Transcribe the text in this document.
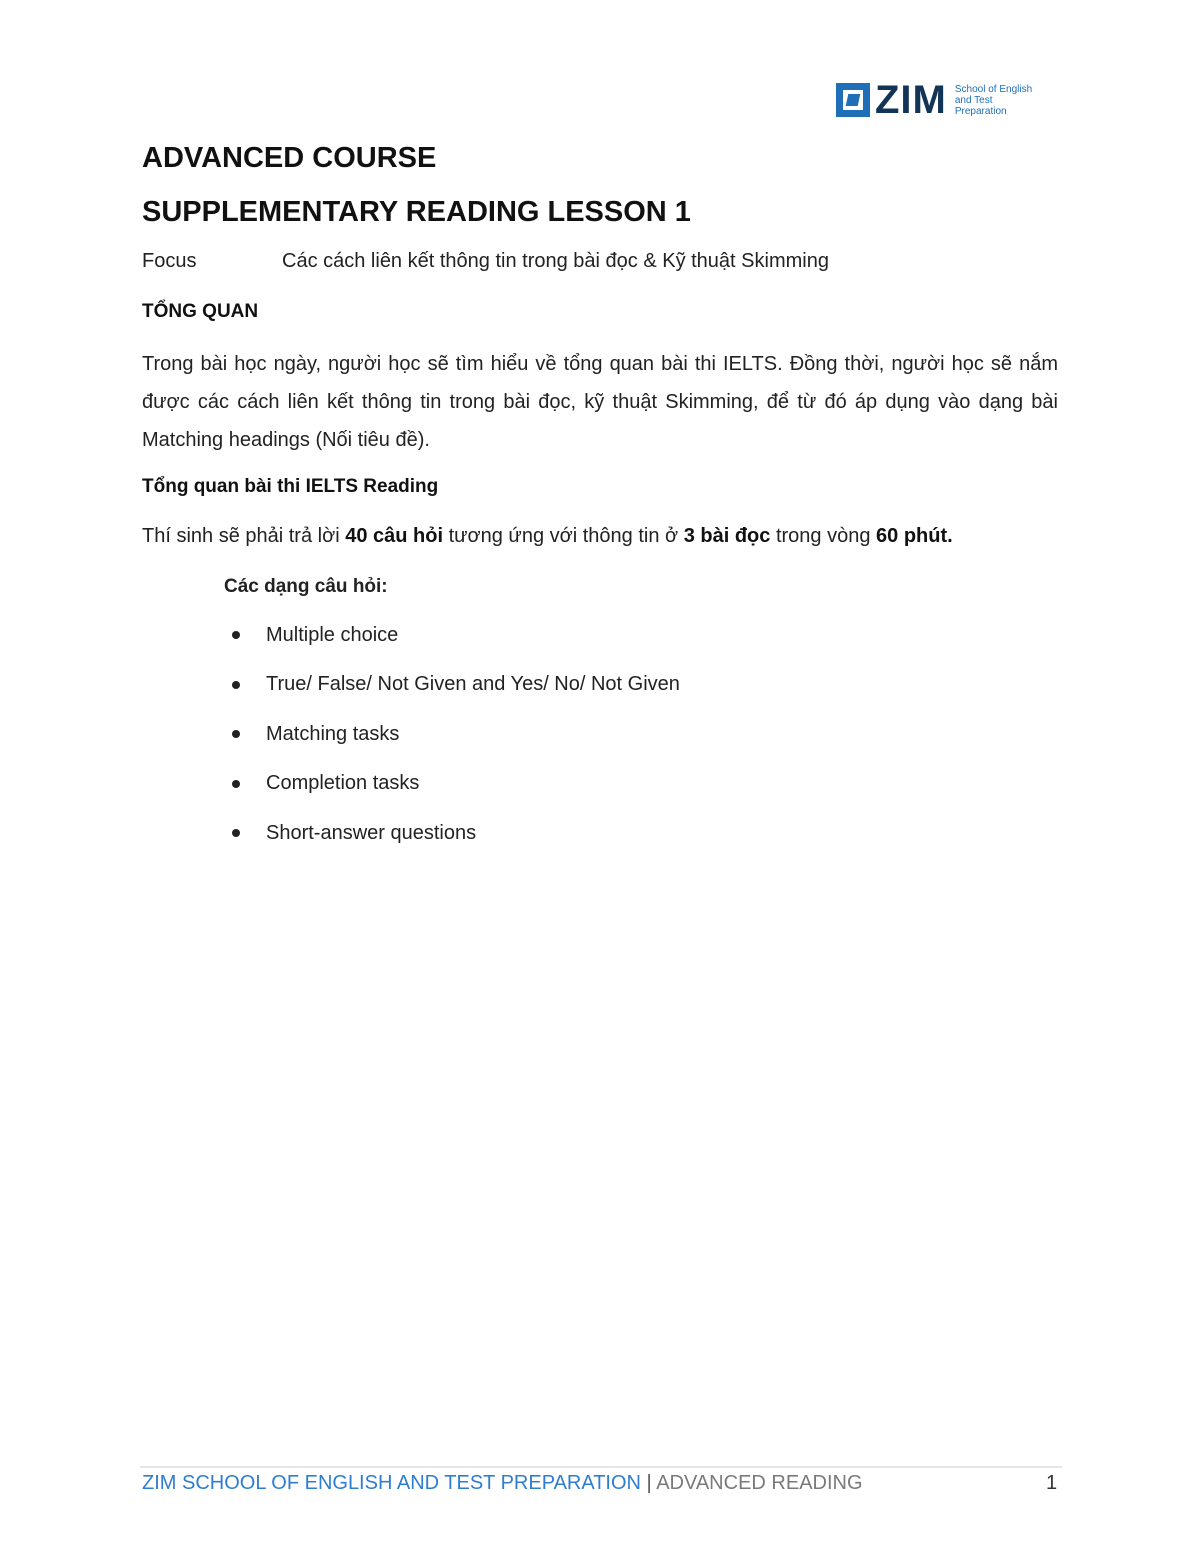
ZIM School of English and Test Preparation
ADVANCED COURSE
SUPPLEMENTARY READING LESSON 1
Focus	Các cách liên kết thông tin trong bài đọc & Kỹ thuật Skimming
TỔNG QUAN
Trong bài học ngày, người học sẽ tìm hiểu về tổng quan bài thi IELTS. Đồng thời, người học sẽ nắm được các cách liên kết thông tin trong bài đọc, kỹ thuật Skimming, để từ đó áp dụng vào dạng bài Matching headings (Nối tiêu đề).
Tổng quan bài thi IELTS Reading
Thí sinh sẽ phải trả lời 40 câu hỏi tương ứng với thông tin ở 3 bài đọc trong vòng 60 phút.
Các dạng câu hỏi:
Multiple choice
True/ False/ Not Given and Yes/ No/ Not Given
Matching tasks
Completion tasks
Short-answer questions
ZIM SCHOOL OF ENGLISH AND TEST PREPARATION | ADVANCED READING	1
